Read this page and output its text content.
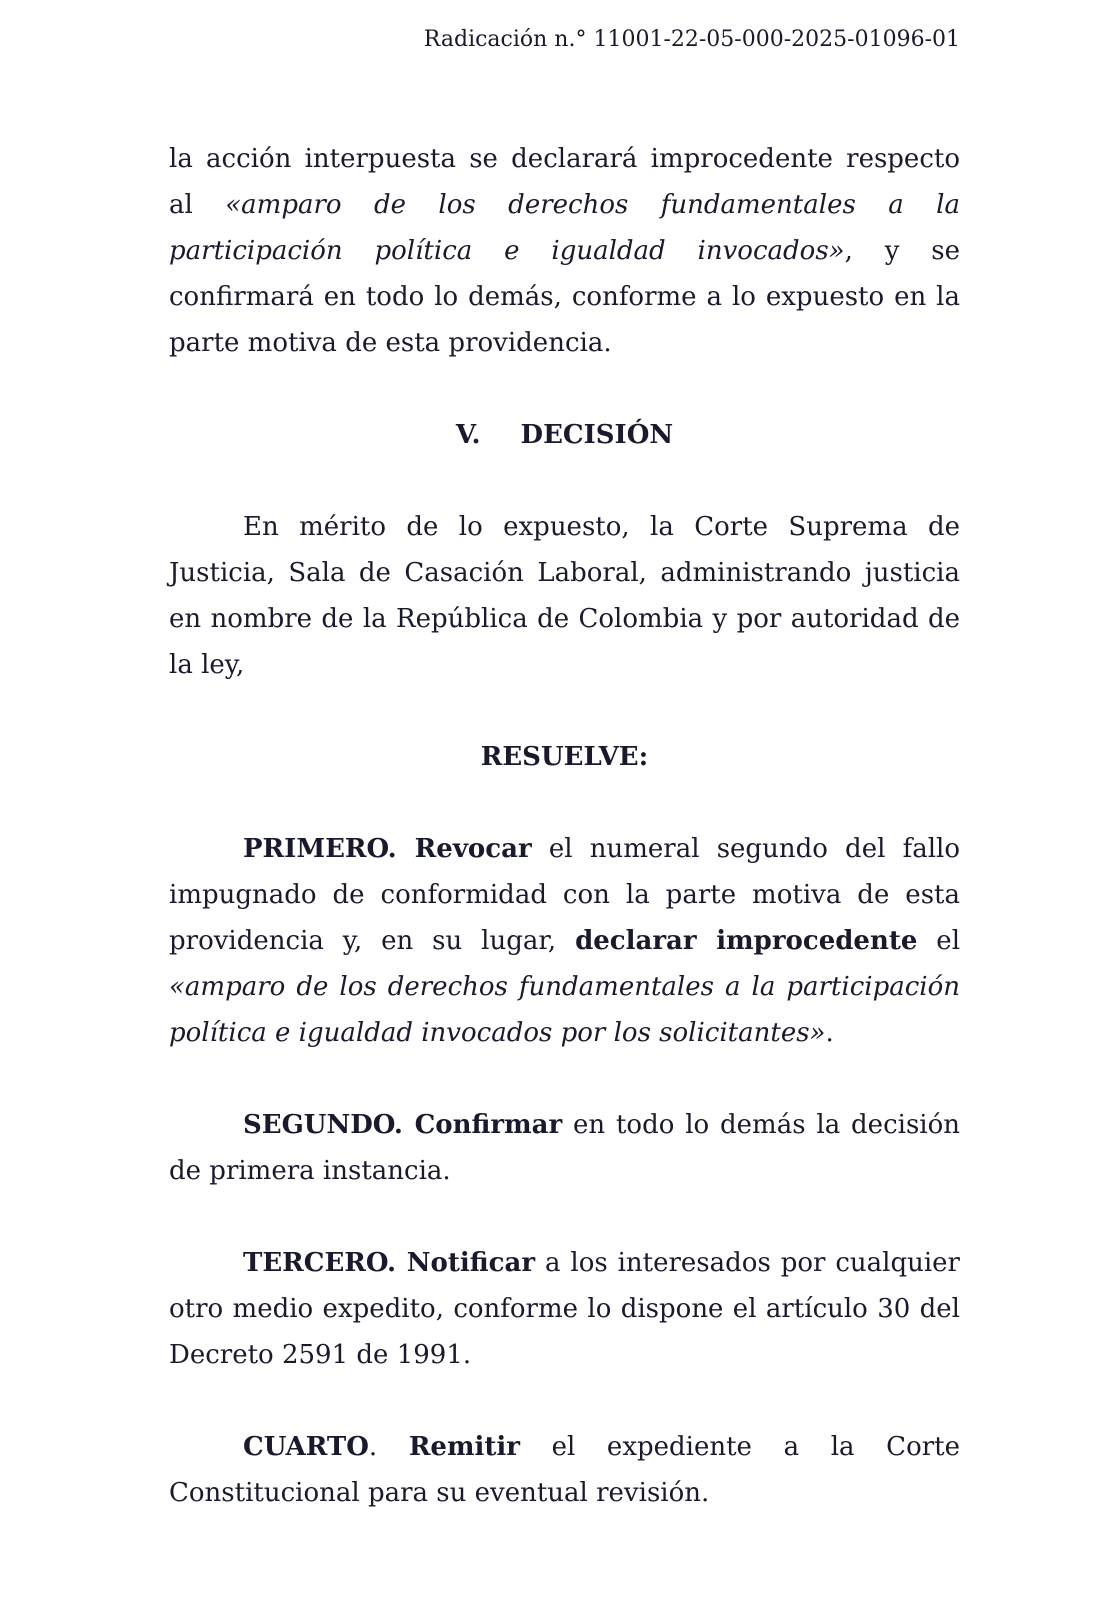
Radicación n.° 11001-22-05-000-2025-01096-01

la acción interpuesta se declarará improcedente respecto al «amparo de los derechos fundamentales a la participación política e igualdad invocados», y se confirmará en todo lo demás, conforme a lo expuesto en la parte motiva de esta providencia.

V. DECISIÓN

En mérito de lo expuesto, la Corte Suprema de Justicia, Sala de Casación Laboral, administrando justicia en nombre de la República de Colombia y por autoridad de la ley,

RESUELVE:

PRIMERO. Revocar el numeral segundo del fallo impugnado de conformidad con la parte motiva de esta providencia y, en su lugar, declarar improcedente el «amparo de los derechos fundamentales a la participación política e igualdad invocados por los solicitantes».

SEGUNDO. Confirmar en todo lo demás la decisión de primera instancia.

TERCERO. Notificar a los interesados por cualquier otro medio expedito, conforme lo dispone el artículo 30 del Decreto 2591 de 1991.

CUARTO. Remitir el expediente a la Corte Constitucional para su eventual revisión.
